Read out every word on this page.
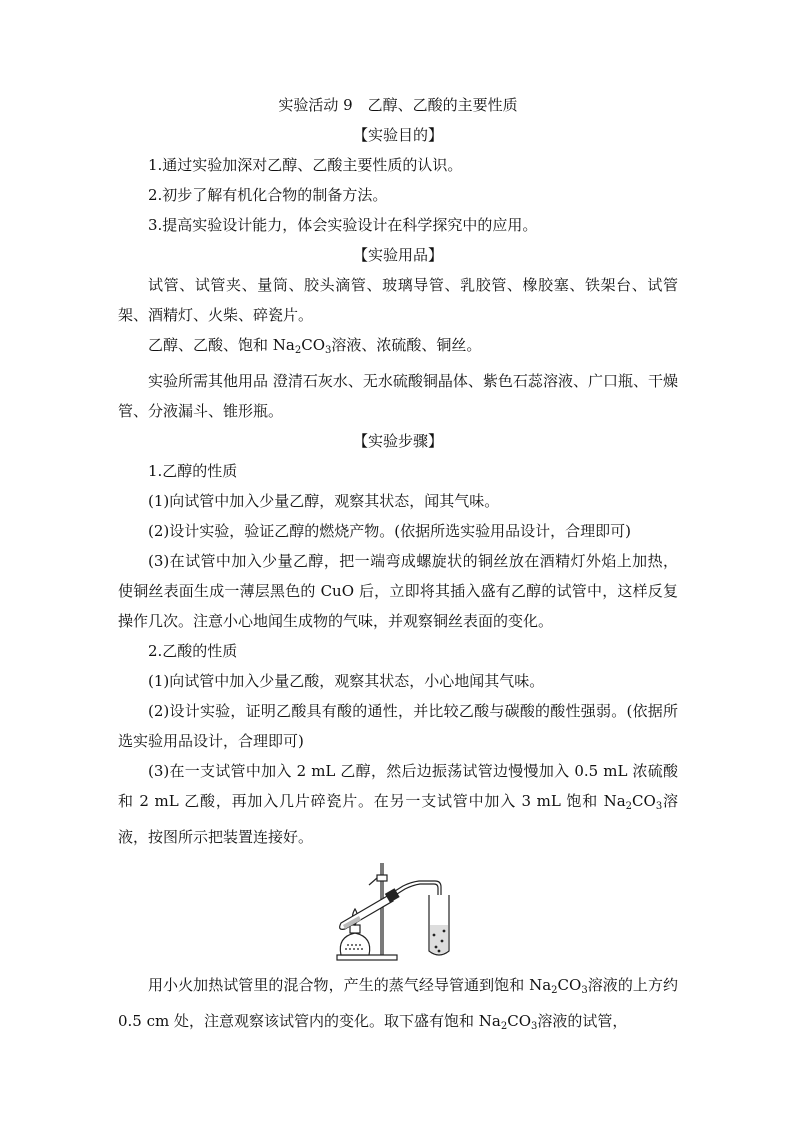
实验活动 9　乙醇、乙酸的主要性质

【实验目的】

1.通过实验加深对乙醇、乙酸主要性质的认识。

2.初步了解有机化合物的制备方法。

3.提高实验设计能力，体会实验设计在科学探究中的应用。

【实验用品】

试管、试管夹、量筒、胶头滴管、玻璃导管、乳胶管、橡胶塞、铁架台、试管架、酒精灯、火柴、碎瓷片。

乙醇、乙酸、饱和 $Na_2CO_3$溶液、浓硫酸、铜丝。

实验所需其他用品 澄清石灰水、无水硫酸铜晶体、紫色石蕊溶液、广口瓶、干燥管、分液漏斗、锥形瓶。

【实验步骤】

1.乙醇的性质

(1)向试管中加入少量乙醇，观察其状态，闻其气味。

(2)设计实验，验证乙醇的燃烧产物。(依据所选实验用品设计，合理即可)

(3)在试管中加入少量乙醇，把一端弯成螺旋状的铜丝放在酒精灯外焰上加热，使铜丝表面生成一薄层黑色的 CuO 后，立即将其插入盛有乙醇的试管中，这样反复操作几次。注意小心地闻生成物的气味，并观察铜丝表面的变化。

2.乙酸的性质

(1)向试管中加入少量乙酸，观察其状态，小心地闻其气味。

(2)设计实验，证明乙酸具有酸的通性，并比较乙酸与碳酸的酸性强弱。(依据所选实验用品设计，合理即可)

(3)在一支试管中加入 2 mL 乙醇，然后边振荡试管边慢慢加入 0.5 mL 浓硫酸和 2 mL 乙酸，再加入几片碎瓷片。在另一支试管中加入 3 mL 饱和 $Na_2CO_3$溶液，按图所示把装置连接好。

用小火加热试管里的混合物，产生的蒸气经导管通到饱和 $Na_2CO_3$溶液的上方约 0.5 cm 处，注意观察该试管内的变化。取下盛有饱和 $Na_2CO_3$溶液的试管，
